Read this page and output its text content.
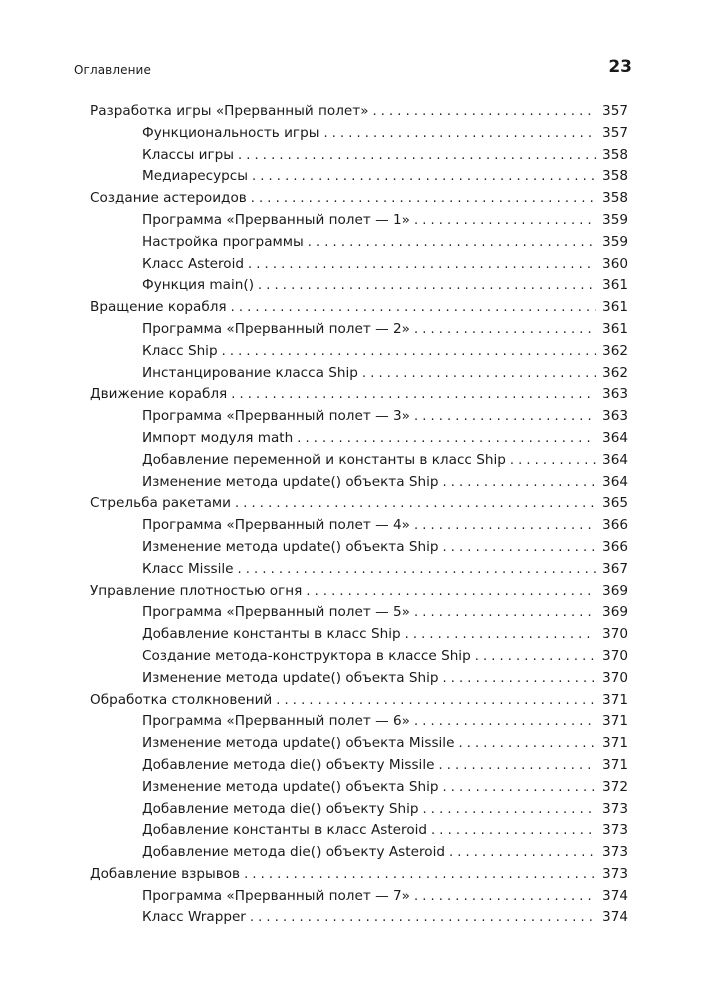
Оглавление	23
Разработка игры «Прерванный полет» . . .	357
Функциональность игры . . .	357
Классы игры . . .	358
Медиаресурсы . . .	358
Создание астероидов . . .	358
Программа «Прерванный полет — 1» . . .	359
Настройка программы . . .	359
Класс Asteroid . . .	360
Функция main() . . .	361
Вращение корабля . . .	361
Программа «Прерванный полет — 2» . . .	361
Класс Ship . . .	362
Инстанцирование класса Ship . . .	362
Движение корабля . . .	363
Программа «Прерванный полет — 3» . . .	363
Импорт модуля math . . .	364
Добавление переменной и константы в класс Ship . . .	364
Изменение метода update() объекта Ship . . .	364
Стрельба ракетами . . .	365
Программа «Прерванный полет — 4» . . .	366
Изменение метода update() объекта Ship . . .	366
Класс Missile . . .	367
Управление плотностью огня . . .	369
Программа «Прерванный полет — 5» . . .	369
Добавление константы в класс Ship . . .	370
Создание метода-конструктора в классе Ship . . .	370
Изменение метода update() объекта Ship . . .	370
Обработка столкновений . . .	371
Программа «Прерванный полет — 6» . . .	371
Изменение метода update() объекта Missile . . .	371
Добавление метода die() объекту Missile . . .	371
Изменение метода update() объекта Ship . . .	372
Добавление метода die() объекту Ship . . .	373
Добавление константы в класс Asteroid . . .	373
Добавление метода die() объекту Asteroid . . .	373
Добавление взрывов . . .	373
Программа «Прерванный полет — 7» . . .	374
Класс Wrapper . . .	374
